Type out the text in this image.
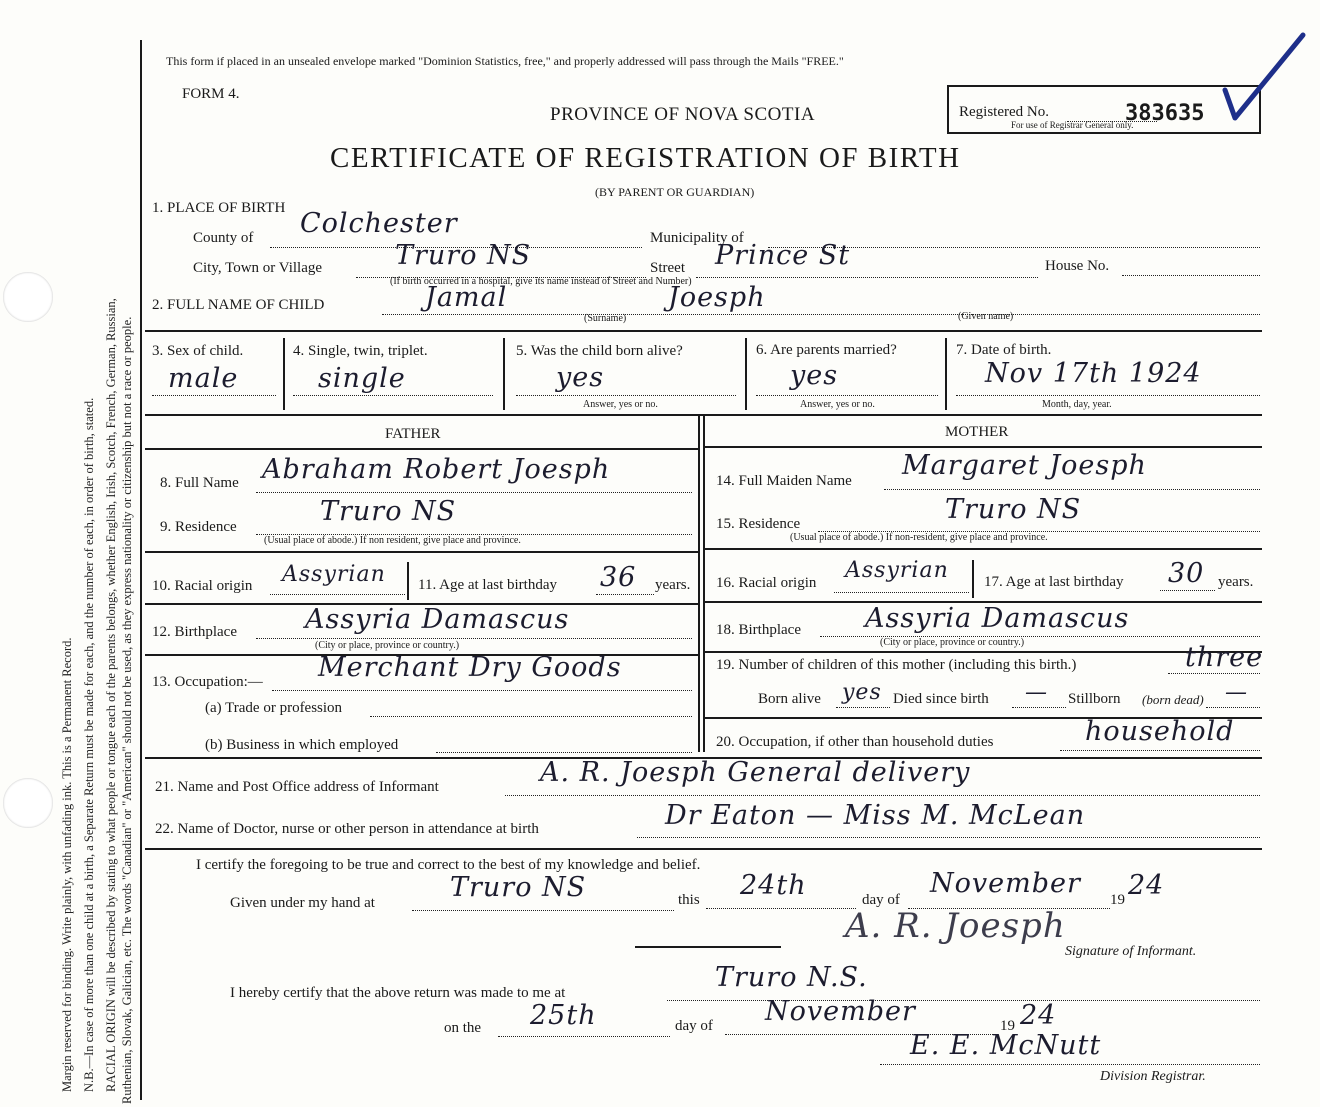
Margin reserved for binding. Write plainly, with unfading ink. This is a Permanent Record. N.B.—In case of more than one child at a birth, a Separate Return must be made for each, and the number of each, in order of birth, stated. RACIAL ORIGIN will be described by stating to what people or tongue each of the parents belongs, whether English, Irish, Scotch, French, German, Russian, Ruthenian, Slovak, Galician, etc. The words "Canadian" or "American" should not be used, as they express nationality or citizenship but not a race or people.
This form if placed in an unsealed envelope marked "Dominion Statistics, free," and properly addressed will pass through the Mails "FREE."
FORM 4.
PROVINCE OF NOVA SCOTIA
CERTIFICATE OF REGISTRATION OF BIRTH
(BY PARENT OR GUARDIAN)
Registered No.	383635
For use of Registrar General only.
1. PLACE OF BIRTH
County of Colchester	Municipality of
City, Town or Village	Truro NS	Street Prince St	House No.
(If birth occurred in a hospital, give its name instead of Street and Number)
2. FULL NAME OF CHILD	Jamal
(Surname)
Joesph
(Given name)
3. Sex of child.
male
4. Single, twin, triplet.
single
5. Was the child born alive?
yes
Answer, yes or no.
6. Are parents married?
yes
Answer, yes or no.
7. Date of birth.
Nov 17th 1924
Month, day, year.
FATHER	MOTHER
8. Full Name Abraham Robert Joesph
9. Residence	Truro NS
(Usual place of abode.) If non resident, give place and province.
10. Racial origin Assyrian 11. Age at last birthday 36 years.
12. Birthplace	Assyria Damascus
(City or place, province or country.)
13. Occupation:— Merchant Dry Goods
(a) Trade or profession
(b) Business in which employed
14. Full Maiden Name Margaret Joesph
15. Residence	Truro NS
(Usual place of abode.) If non-resident, give place and province.
16. Racial origin Assyrian 17. Age at last birthday 30 years.
18. Birthplace Assyria Damascus
(City or place, province or country.)
19. Number of children of this mother (including this birth.)	three
Born alive yes Died since birth — Stillborn (born dead) —
20. Occupation, if other than household duties	household
21. Name and Post Office address of Informant	A. R. Joesph General delivery
22. Name of Doctor, nurse or other person in attendance at birth	Dr Eaton — Miss M. McLean
I certify the foregoing to be true and correct to the best of my knowledge and belief.
Given under my hand at	Truro NS	this 24th	day of
November
19 24
A. R. Joesph
Signature of Informant.
I hereby certify that the above return was made to me at	Truro N.S.
on the 25th	day of November	19 24
E. E. McNutt
Division Registrar.
